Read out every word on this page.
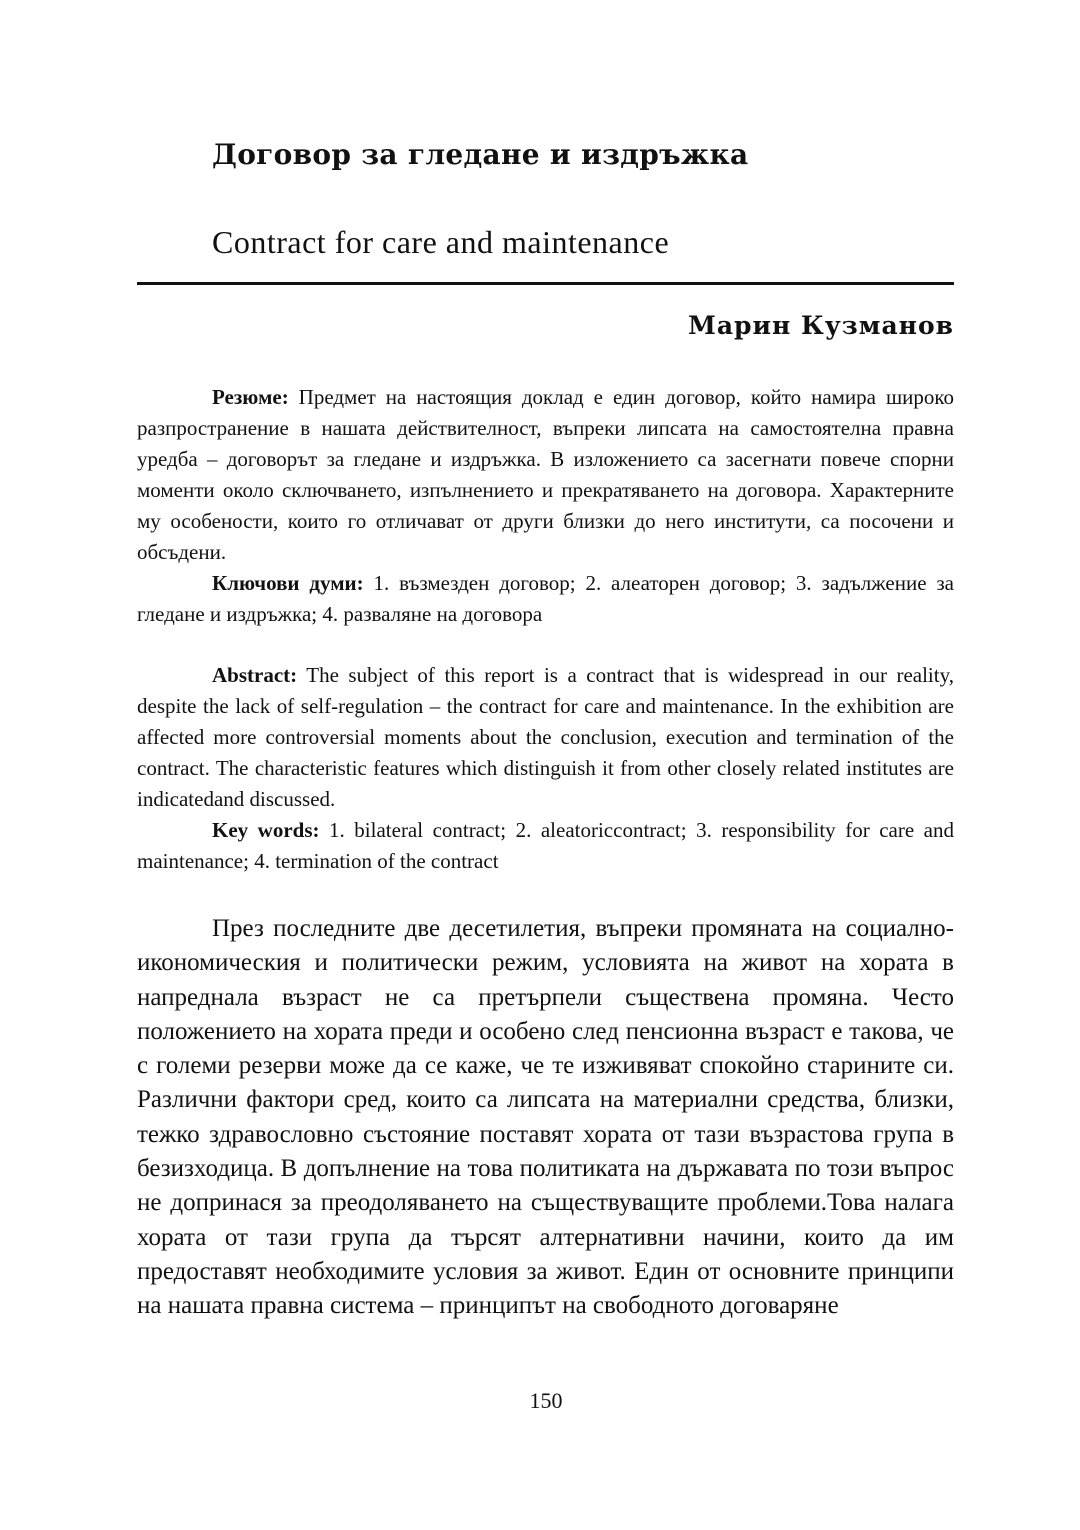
Договор за гледане и издръжка
Contract for care and maintenance
Марин Кузманов

Резюме: Предмет на настоящия доклад е един договор, който намира широко разпространение в нашата действителност, въпреки липсата на самостоятелна правна уредба – договорът за гледане и издръжка. В изложението са засегнати повече спорни моменти около сключването, изпълнението и прекратяването на договора. Характерните му особености, които го отличават от други близки до него институти, са посочени и обсъдени.

Ключови думи: 1. възмезден договор; 2. алеаторен договор; 3. задължение за гледане и издръжка; 4. разваляне на договора

Abstract: The subject of this report is a contract that is widespread in our reality, despite the lack of self-regulation – the contract for care and maintenance. In the exhibition are affected more controversial moments about the conclusion, execution and termination of the contract. The characteristic features which distinguish it from other closely related institutes are indicatedand discussed.

Key words: 1. bilateral contract; 2. aleatoriccontract; 3. responsibility for care and maintenance; 4. termination of the contract

През последните две десетилетия, въпреки промяната на социално-икономическия и политически режим, условията на живот на хората в напреднала възраст не са претърпели съществена промяна. Често положението на хората преди и особено след пенсионна възраст е такова, че с големи резерви може да се каже, че те изживяват спокойно старините си. Различни фактори сред, които са липсата на материални средства, близки, тежко здравословно състояние поставят хората от тази възрастова група в безизходица. В допълнение на това политиката на държавата по този въпрос не допринася за преодоляването на съществуващите проблеми.Това налага хората от тази група да търсят алтернативни начини, които да им предоставят необходимите условия за живот. Един от основните принципи на нашата правна система – принципът на свободното договаряне

150
